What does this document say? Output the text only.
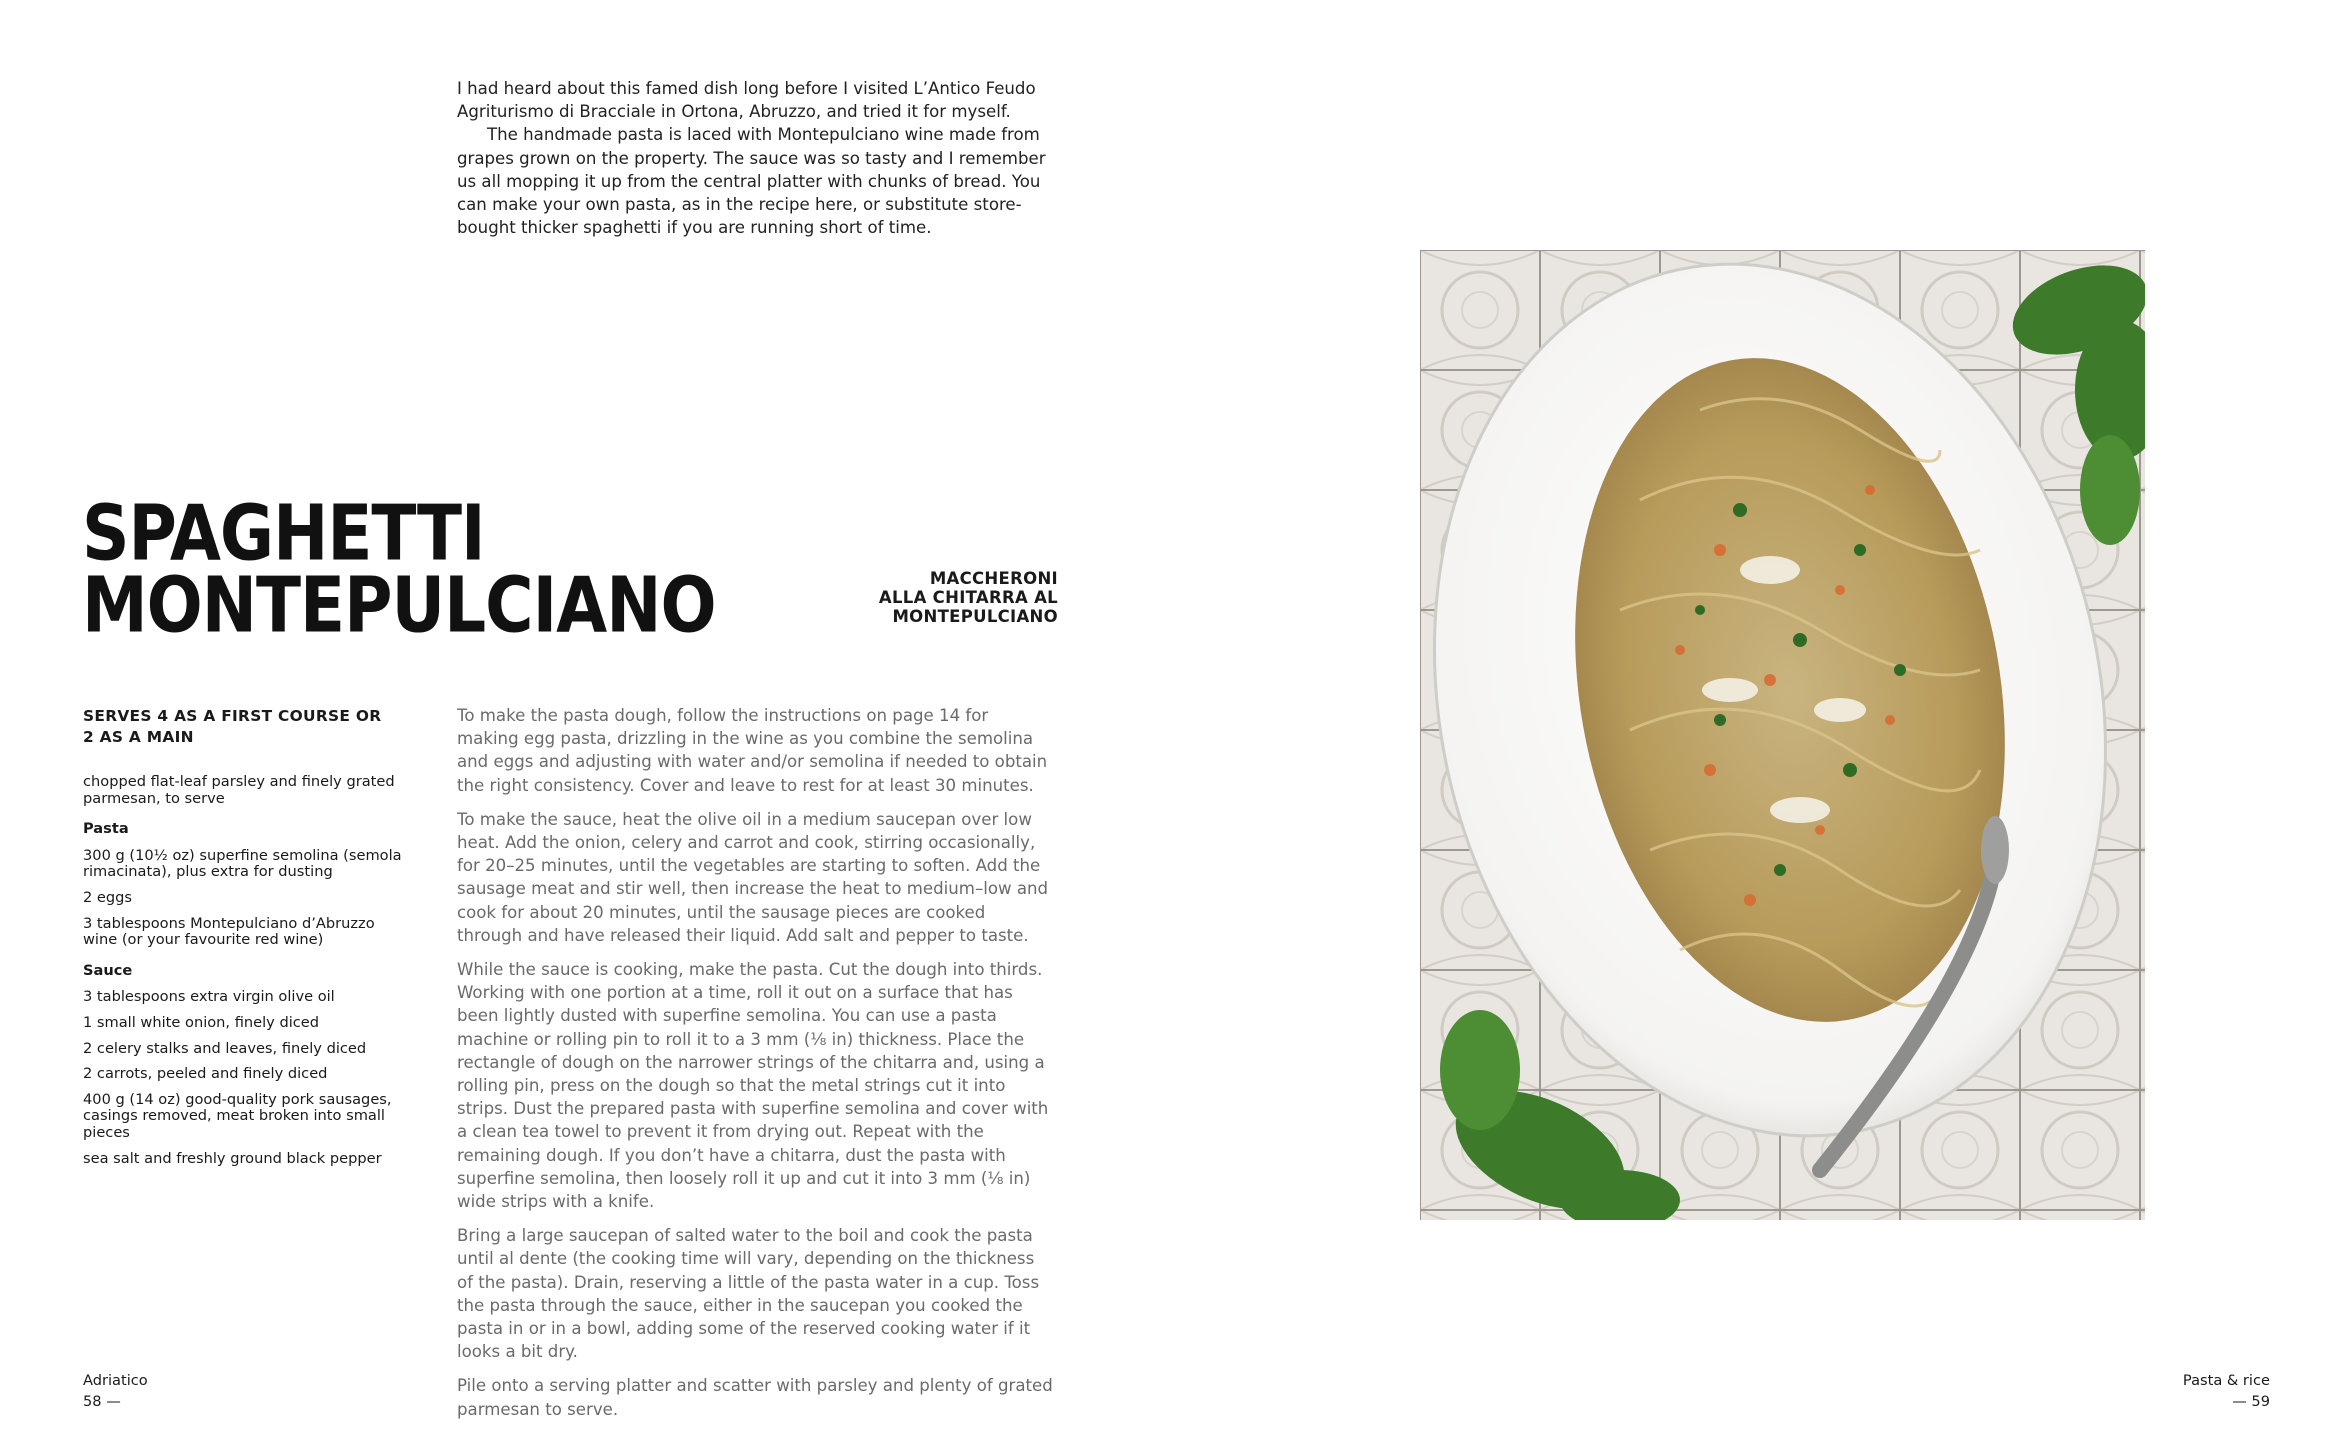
I had heard about this famed dish long before I visited L’Antico Feudo Agriturismo di Bracciale in Ortona, Abruzzo, and tried it for myself.

The handmade pasta is laced with Montepulciano wine made from grapes grown on the property. The sauce was so tasty and I remember us all mopping it up from the central platter with chunks of bread. You can make your own pasta, as in the recipe here, or substitute store-bought thicker spaghetti if you are running short of time.

SPAGHETTI
MONTEPULCIANO	MACCHERONI
ALLA CHITARRA AL
MONTEPULCIANO
SERVES 4 AS A FIRST COURSE OR
2 AS A MAIN
chopped flat-leaf parsley and finely grated parmesan, to serve
Pasta
300 g (10½ oz) superfine semolina (semola rimacinata), plus extra for dusting
2 eggs
3 tablespoons Montepulciano d’Abruzzo wine (or your favourite red wine)
Sauce
3 tablespoons extra virgin olive oil
1 small white onion, finely diced
2 celery stalks and leaves, finely diced
2 carrots, peeled and finely diced
400 g (14 oz) good-quality pork sausages, casings removed, meat broken into small pieces
sea salt and freshly ground black pepper

To make the pasta dough, follow the instructions on page 14 for making egg pasta, drizzling in the wine as you combine the semolina and eggs and adjusting with water and/or semolina if needed to obtain the right consistency. Cover and leave to rest for at least 30 minutes.

To make the sauce, heat the olive oil in a medium saucepan over low heat. Add the onion, celery and carrot and cook, stirring occasionally, for 20–25 minutes, until the vegetables are starting to soften. Add the sausage meat and stir well, then increase the heat to medium–low and cook for about 20 minutes, until the sausage pieces are cooked through and have released their liquid. Add salt and pepper to taste.

While the sauce is cooking, make the pasta. Cut the dough into thirds. Working with one portion at a time, roll it out on a surface that has been lightly dusted with superfine semolina. You can use a pasta machine or rolling pin to roll it to a 3 mm (⅛ in) thickness. Place the rectangle of dough on the narrower strings of the chitarra and, using a rolling pin, press on the dough so that the metal strings cut it into strips. Dust the prepared pasta with superfine semolina and cover with a clean tea towel to prevent it from drying out. Repeat with the remaining dough. If you don’t have a chitarra, dust the pasta with superfine semolina, then loosely roll it up and cut it into 3 mm (⅛ in) wide strips with a knife.

Bring a large saucepan of salted water to the boil and cook the pasta until al dente (the cooking time will vary, depending on the thickness of the pasta). Drain, reserving a little of the pasta water in a cup. Toss the pasta through the sauce, either in the saucepan you cooked the pasta in or in a bowl, adding some of the reserved cooking water if it looks a bit dry.

Pile onto a serving platter and scatter with parsley and plenty of grated parmesan to serve.

Adriatico
58 —
Pasta & rice
— 59
